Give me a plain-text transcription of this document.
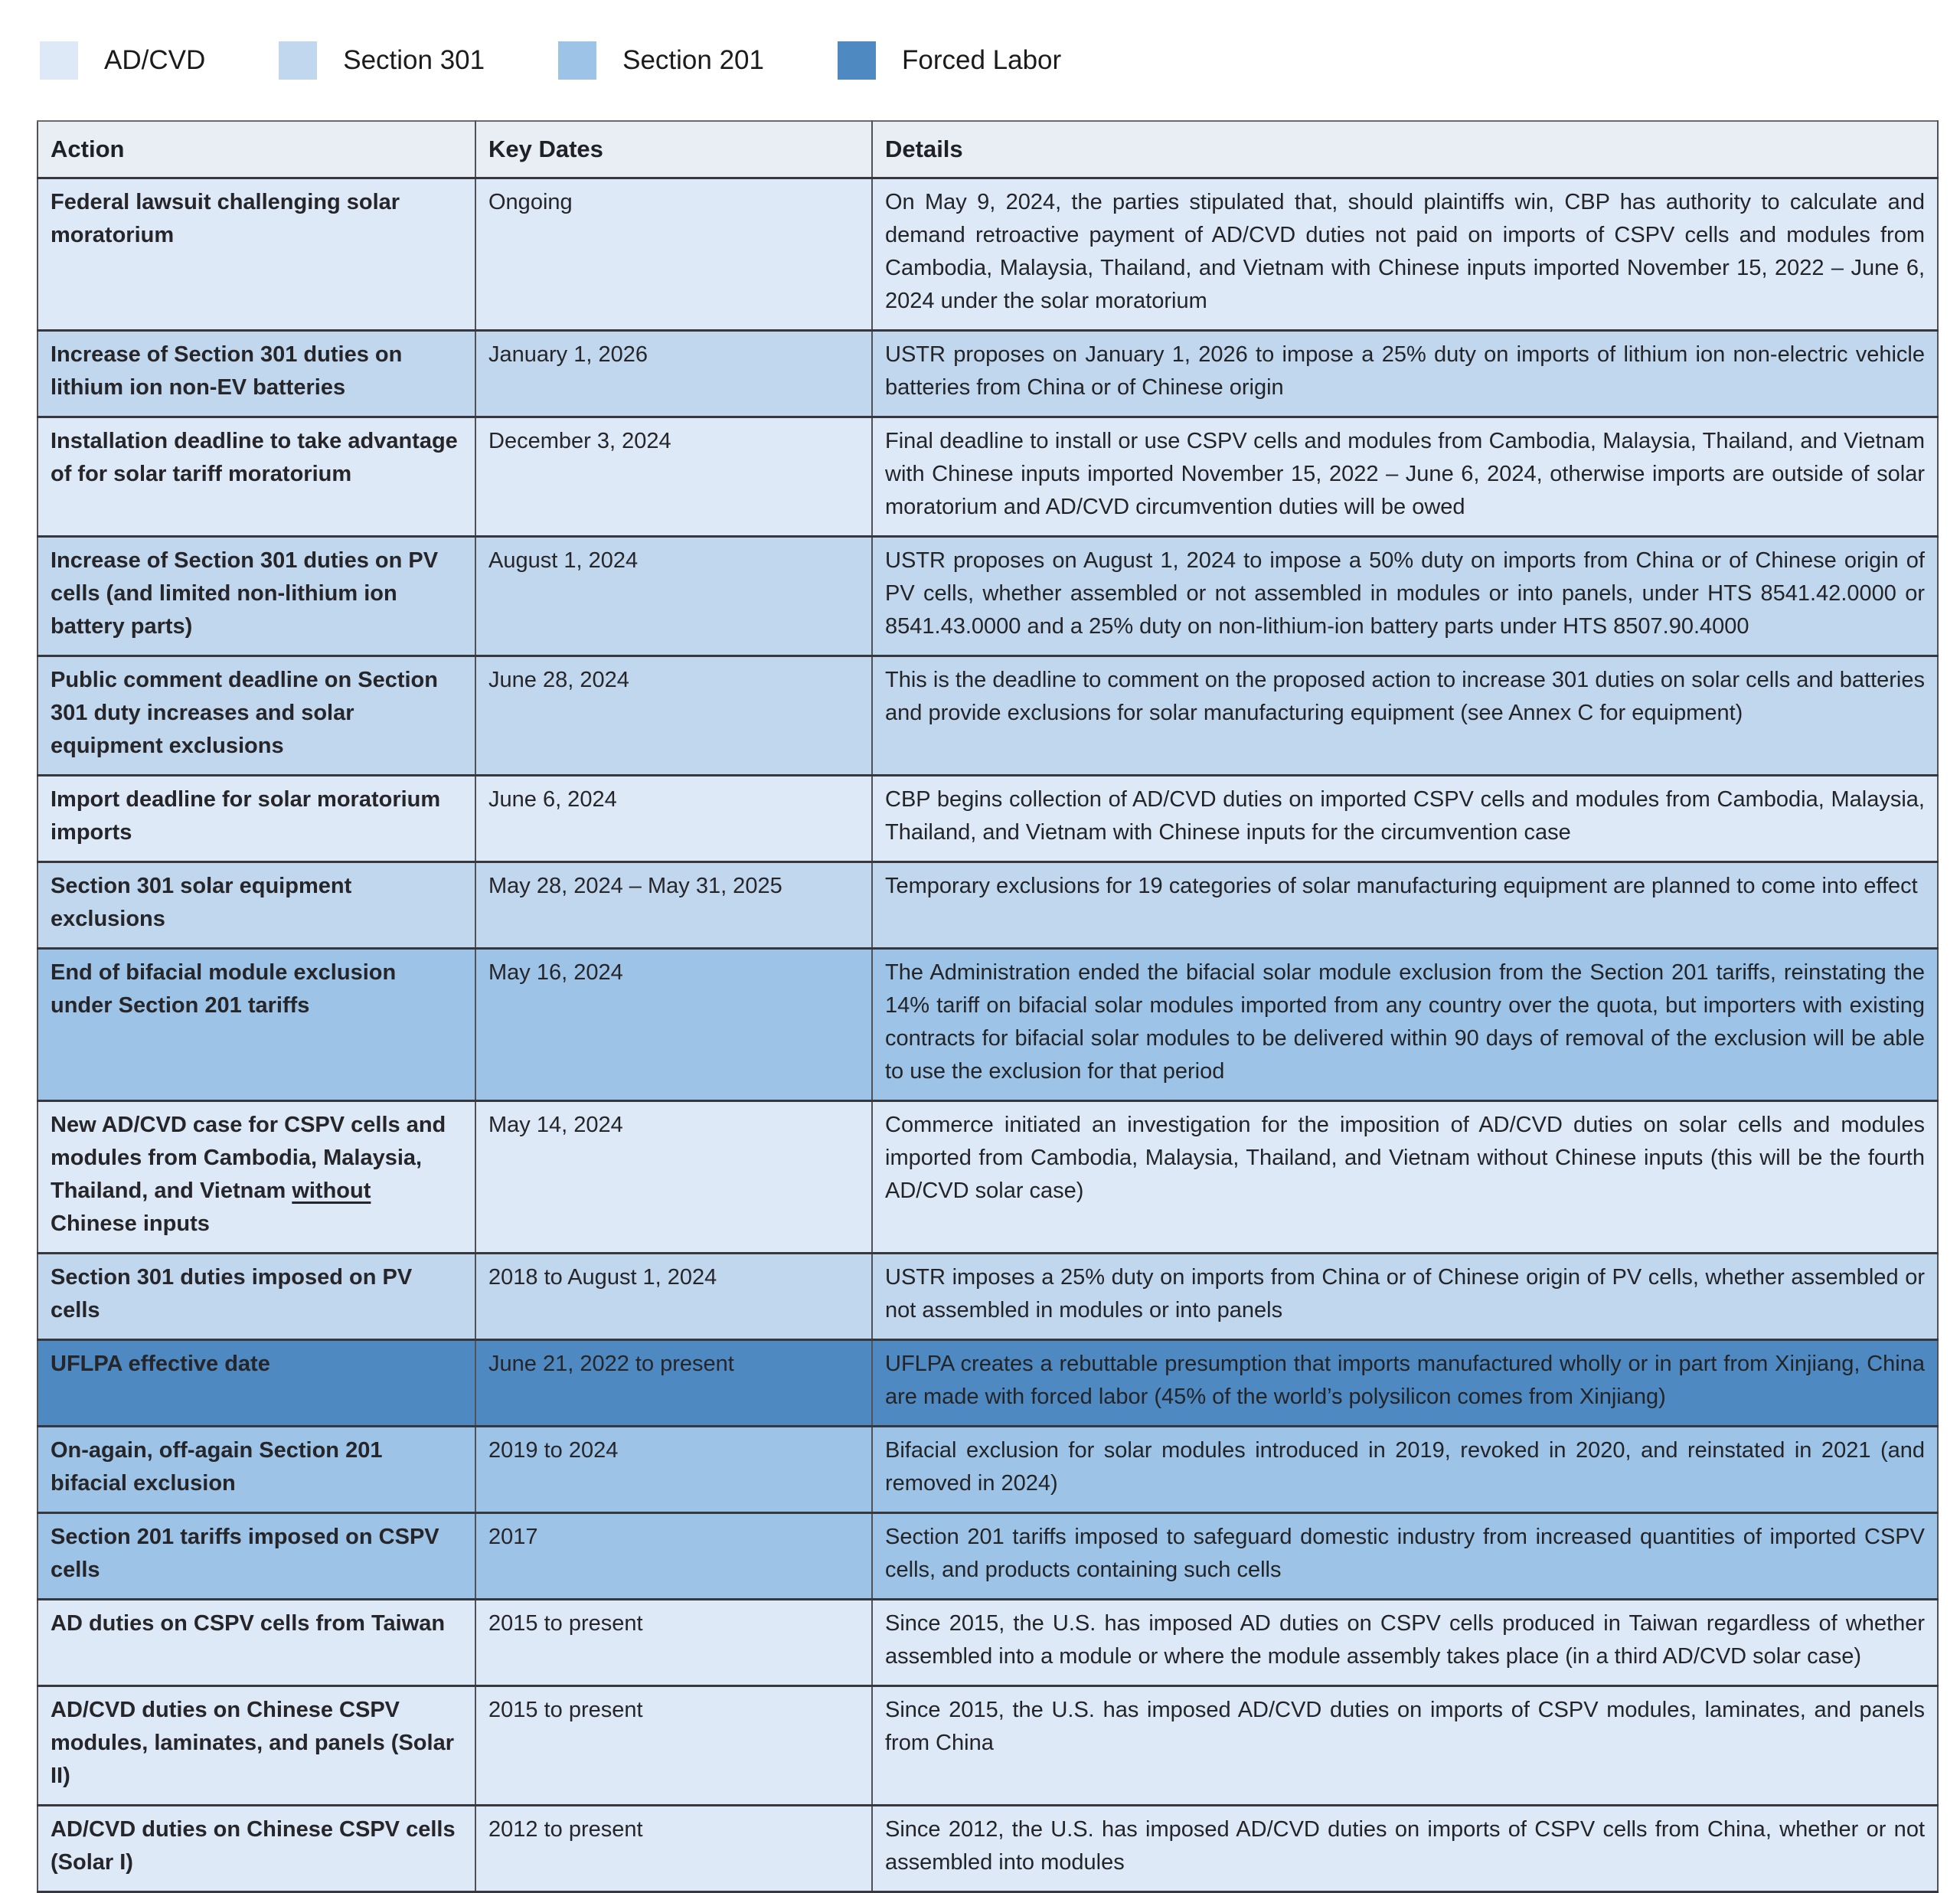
AD/CVD	Section 301	Section 201	Forced Labor
Action	Key Dates	Details
Federal lawsuit challenging solar moratorium	Ongoing	On May 9, 2024, the parties stipulated that, should plaintiffs win, CBP has authority to calculate and demand retroactive payment of AD/CVD duties not paid on imports of CSPV cells and modules from Cambodia, Malaysia, Thailand, and Vietnam with Chinese inputs imported November 15, 2022 – June 6, 2024 under the solar moratorium
Increase of Section 301 duties on lithium ion non-EV batteries	January 1, 2026	USTR proposes on January 1, 2026 to impose a 25% duty on imports of lithium ion non-electric vehicle batteries from China or of Chinese origin
Installation deadline to take advantage of for solar tariff moratorium	December 3, 2024	Final deadline to install or use CSPV cells and modules from Cambodia, Malaysia, Thailand, and Vietnam with Chinese inputs imported November 15, 2022 – June 6, 2024, otherwise imports are outside of solar moratorium and AD/CVD circumvention duties will be owed
Increase of Section 301 duties on PV cells (and limited non-lithium ion battery parts)	August 1, 2024	USTR proposes on August 1, 2024 to impose a 50% duty on imports from China or of Chinese origin of PV cells, whether assembled or not assembled in modules or into panels, under HTS 8541.42.0000 or 8541.43.0000 and a 25% duty on non-lithium-ion battery parts under HTS 8507.90.4000
Public comment deadline on Section 301 duty increases and solar equipment exclusions	June 28, 2024	This is the deadline to comment on the proposed action to increase 301 duties on solar cells and batteries and provide exclusions for solar manufacturing equipment (see Annex C for equipment)
Import deadline for solar moratorium imports	June 6, 2024	CBP begins collection of AD/CVD duties on imported CSPV cells and modules from Cambodia, Malaysia, Thailand, and Vietnam with Chinese inputs for the circumvention case
Section 301 solar equipment exclusions	May 28, 2024 – May 31, 2025	Temporary exclusions for 19 categories of solar manufacturing equipment are planned to come into effect
End of bifacial module exclusion under Section 201 tariffs	May 16, 2024	The Administration ended the bifacial solar module exclusion from the Section 201 tariffs, reinstating the 14% tariff on bifacial solar modules imported from any country over the quota, but importers with existing contracts for bifacial solar modules to be delivered within 90 days of removal of the exclusion will be able to use the exclusion for that period
New AD/CVD case for CSPV cells and modules from Cambodia, Malaysia, Thailand, and Vietnam without Chinese inputs	May 14, 2024	Commerce initiated an investigation for the imposition of AD/CVD duties on solar cells and modules imported from Cambodia, Malaysia, Thailand, and Vietnam without Chinese inputs (this will be the fourth AD/CVD solar case)
Section 301 duties imposed on PV cells	2018 to August 1, 2024	USTR imposes a 25% duty on imports from China or of Chinese origin of PV cells, whether assembled or not assembled in modules or into panels
UFLPA effective date	June 21, 2022 to present	UFLPA creates a rebuttable presumption that imports manufactured wholly or in part from Xinjiang, China are made with forced labor (45% of the world’s polysilicon comes from Xinjiang)
On-again, off-again Section 201 bifacial exclusion	2019 to 2024	Bifacial exclusion for solar modules introduced in 2019, revoked in 2020, and reinstated in 2021 (and removed in 2024)
Section 201 tariffs imposed on CSPV cells	2017	Section 201 tariffs imposed to safeguard domestic industry from increased quantities of imported CSPV cells, and products containing such cells
AD duties on CSPV cells from Taiwan	2015 to present	Since 2015, the U.S. has imposed AD duties on CSPV cells produced in Taiwan regardless of whether assembled into a module or where the module assembly takes place (in a third AD/CVD solar case)
AD/CVD duties on Chinese CSPV modules, laminates, and panels (Solar II)	2015 to present	Since 2015, the U.S. has imposed AD/CVD duties on imports of CSPV modules, laminates, and panels from China
AD/CVD duties on Chinese CSPV cells (Solar I)	2012 to present	Since 2012, the U.S. has imposed AD/CVD duties on imports of CSPV cells from China, whether or not assembled into modules
